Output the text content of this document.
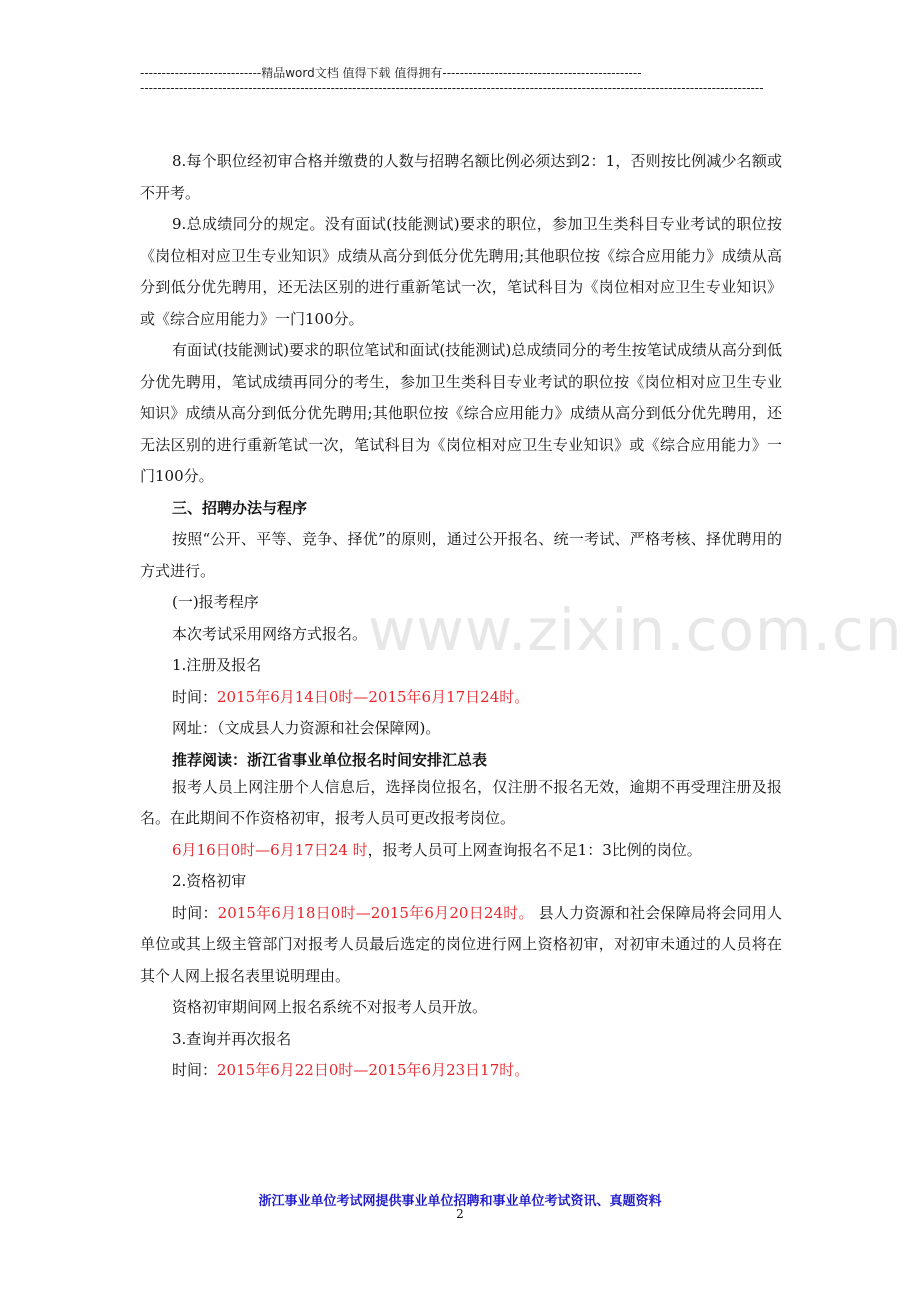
----------------------------精品word文档 值得下载 值得拥有----------------------------------------------
------------------------------------------------------------------------------------------------------------------------------------------------
www.zixin.com.cn

8.每个职位经初审合格并缴费的人数与招聘名额比例必须达到2：1，否则按比例减少名额或不开考。

9.总成绩同分的规定。没有面试(技能测试)要求的职位，参加卫生类科目专业考试的职位按《岗位相对应卫生专业知识》成绩从高分到低分优先聘用;其他职位按《综合应用能力》成绩从高分到低分优先聘用，还无法区别的进行重新笔试一次，笔试科目为《岗位相对应卫生专业知识》或《综合应用能力》一门100分。

有面试(技能测试)要求的职位笔试和面试(技能测试)总成绩同分的考生按笔试成绩从高分到低分优先聘用，笔试成绩再同分的考生，参加卫生类科目专业考试的职位按《岗位相对应卫生专业知识》成绩从高分到低分优先聘用;其他职位按《综合应用能力》成绩从高分到低分优先聘用，还无法区别的进行重新笔试一次，笔试科目为《岗位相对应卫生专业知识》或《综合应用能力》一门100分。

三、招聘办法与程序

按照“公开、平等、竞争、择优”的原则，通过公开报名、统一考试、严格考核、择优聘用的方式进行。

(一)报考程序

本次考试采用网络方式报名。

1.注册及报名

时间：2015年6月14日0时—2015年6月17日24时。

网址：（文成县人力资源和社会保障网)。

推荐阅读：浙江省事业单位报名时间安排汇总表

报考人员上网注册个人信息后，选择岗位报名，仅注册不报名无效，逾期不再受理注册及报名。在此期间不作资格初审，报考人员可更改报考岗位。

6月16日0时—6月17日24 时，报考人员可上网查询报名不足1：3比例的岗位。

2.资格初审

时间：2015年6月18日0时—2015年6月20日24时。 县人力资源和社会保障局将会同用人单位或其上级主管部门对报考人员最后选定的岗位进行网上资格初审，对初审未通过的人员将在其个人网上报名表里说明理由。

资格初审期间网上报名系统不对报考人员开放。

3.查询并再次报名

时间：2015年6月22日0时—2015年6月23日17时。

浙江事业单位考试网提供事业单位招聘和事业单位考试资讯、真题资料
2
